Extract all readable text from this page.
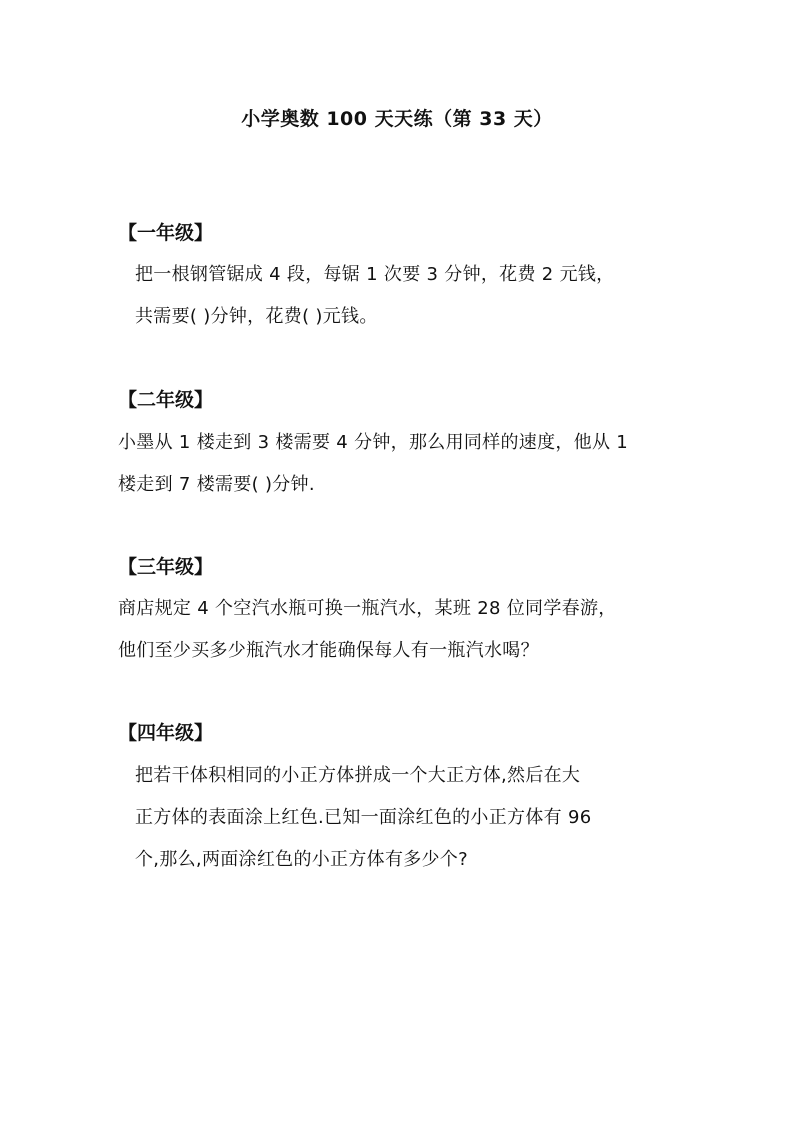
小学奥数 100 天天练（第 33 天）
【一年级】
把一根钢管锯成 4 段，每锯 1 次要 3 分钟，花费 2 元钱，
共需要( )分钟，花费( )元钱。
【二年级】
小墨从 1 楼走到 3 楼需要 4 分钟，那么用同样的速度，他从 1
楼走到 7 楼需要( )分钟.
【三年级】
商店规定 4 个空汽水瓶可换一瓶汽水，某班 28 位同学春游，
他们至少买多少瓶汽水才能确保每人有一瓶汽水喝？
【四年级】
把若干体积相同的小正方体拼成一个大正方体,然后在大
正方体的表面涂上红色.已知一面涂红色的小正方体有 96
个,那么,两面涂红色的小正方体有多少个?
